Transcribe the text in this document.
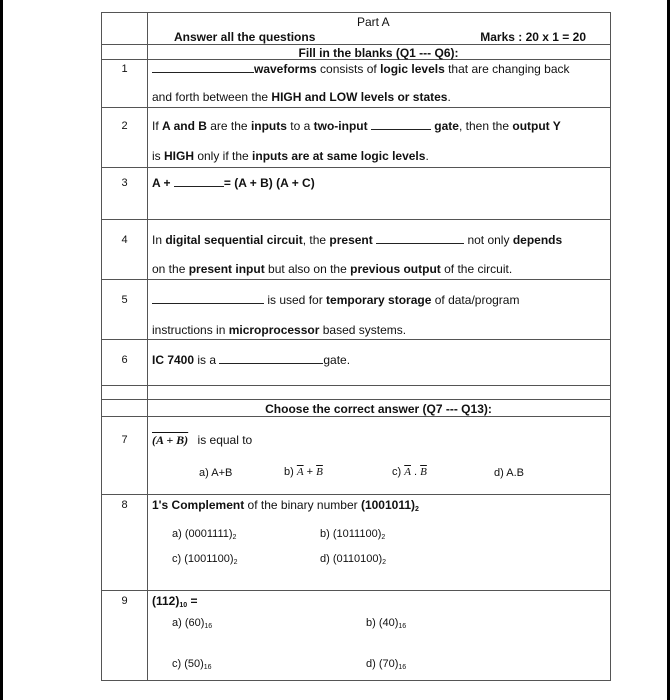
Part A
Answer all the questions	Marks : 20 x 1 = 20
Fill in the blanks (Q1 --- Q6):
1	waveforms consists of logic levels that are changing back
and forth between the HIGH and LOW levels or states.
2	If A and B are the inputs to a two-input	gate, then the output Y
is HIGH only if the inputs are at same logic levels.
3	A +	= (A + B) (A + C)
4	In digital sequential circuit, the present	not only depends
on the present input but also on the previous output of the circuit.
5	is used for temporary storage of data/program
instructions in microprocessor based systems.
6	IC 7400 is a	gate.
Choose the correct answer (Q7 --- Q13):
7	(A + B) is equal to
a) A+B	b) $\overline{A} + \overline{B}$	c) $\overline{A}$ . $\overline{B}$	d) A.B
8	1's Complement of the binary number $(1001011)_2$
a) $(0001111)_2$	b) $(1011100)_2$
c) $(1001100)_2$	d) $(0110100)_2$
9	$(112)_{10}$ =
a) $(60)_{16}$	b) $(40)_{16}$
c) $(50)_{16}$	d) $(70)_{16}$
